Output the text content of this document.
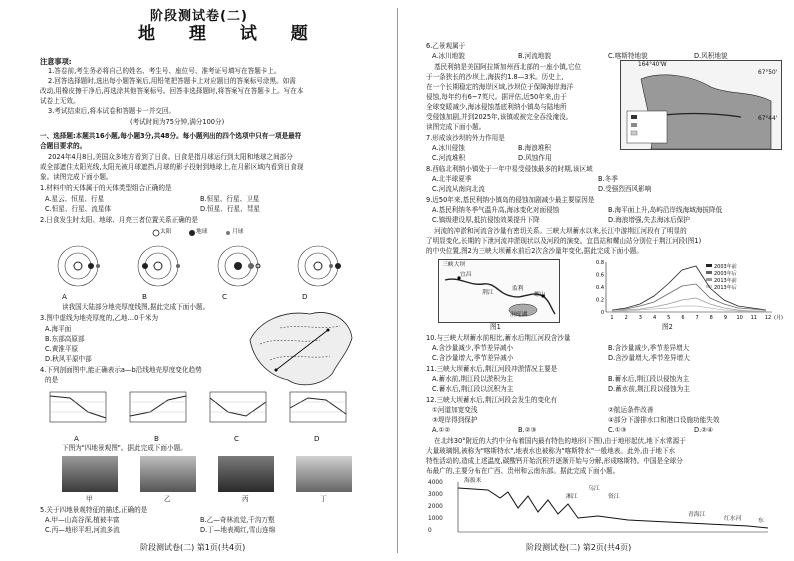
阶段测试卷(二)
地 理 试 题
注意事项:
1.答卷前,考生务必将自己的姓名、考生号、座位号、准考证号填写在答题卡上。
2.回答选择题时,选出每小题答案后,用铅笔把答题卡上对应题目的答案标号涂黑。如需
改动,用橡皮擦干净后,再选涂其他答案标号。回答非选择题时,将答案写在答题卡上。写在本
试卷上无效。
3.考试结束后,将本试卷和答题卡一并交回。
(考试时间为75分钟,满分100分)
一、选择题:本题共16小题,每小题3分,共48分。每小题列出的四个选项中只有一项是最符
合题目要求的。
2024年4月8日,美国众多地方看到了日食。日食是指月球运行到太阳和地球之间部分
或全部遮住太阳光线,太阳光被月球遮挡,月球的影子投射到地球上,在月影区域内看到日食现
象。读图完成下面小题。
1.材料中的天体属于的天体类型组合正确的是
A.星云、恒星、行星	B.恒星、行星、卫星
C.恒星、行星、流星体	D.恒星、行星、彗星
2.日食发生时太阳、地球、月亮三者位置关系正确的是
太阳	地球	月球
A	B	C	D
读我国大陆部分地壳厚度线图,据此完成下面小题。
3.图中虚线为地壳厚度的,乙地…0千米为
A.海平面
B.东部高原部
C.黄淮平原
D.秋风平原中部
4.下列剖面图中,能正确表示a—b沿线地壳厚度变化趋势
的是
A	B	C	D
下图为"四地景观图"。据此完成下面小题。
甲	乙	丙	丁
5.关于四地景观特征的描述,正确的是
A.甲—山高谷深,植被丰富	B.乙—奇林流觉,千沟万壑
C.丙—地形平坦,河流多流	D.丁—地表褐红,雪山连绵
阶段测试卷(二) 第1页(共4页)
6.乙景观属于
A.冰川地貌	B.河流地貌	C.喀斯特地貌	D.风积地貌
基民利纳是美国阿拉斯加州西北部的一座小镇,它位
于一条狭长的沙坝上,海拔约1.8—3米。历史上,
在一个长期稳定的海岸区域,沙坝位于保障海岸海洋
侵蚀,每年约有6~7英尺。据评估,近50年来,由于
全球变暖减少,海冰侵蚀基底利纳小镇岛与陆地所
受侵蚀加剧,并到2025年,该镇或被完全吞没淹没。
读图完成下面小题。
164°40'W
67°50'
67°44'
7.形成该沙坝的外力作用是
A.冰川侵蚀	B.海浪堆积
C.河流堆积	D.风蚀作用
8.西临北利纳小镇处于一年中易受侵蚀最多的时期,该区域
A.北半球夏季	B.冬季
C.河流从南向北流	D.受强烈西风影响
9.近50年来,基民利纳小镇岛的侵蚀加剧减少最主要原因是
A.基民利纳冬季气温升高,海冰变化对面侵蚀	B.海平面上升,岛屿沿岸线海域海拔降低
C.镇级建设厚,抵抗侵蚀效果提升下降	D.海浪增强,失去海冰后保护
河流的冲淤和河流含沙量有密切关系。三峡大坝蓄水以来,长江中游荆江河段有了明显的
了明显变化,长期的下泄河流冲淤现状以及河段的演变。宜昌站和螺山站分别位于荆江河段(图1)
的中央位置,图2为三峡大坝蓄水前后2次含沙量年变化,据此完成下面小题。
三峡大坝
宜昌
荆江
监利
螺山
洞庭湖
图1
0.8
0.6
0.4
0.2
0
1 2 3 4 5 6 7 8 9 10 11 12 (月)
2003年前
2003年后
2013年前
2013年后
图2
10.与三峡大坝蓄水前相比,蓄水后荆江河段含沙量
A.含沙量减少,季节差异减小	B.含沙量减少,季节差异增大
C.含沙量增大,季节差异减小	D.含沙量增大,季节差异增大
11.三峡大坝蓄水后,荆江河段冲淤情况主要是
A.蓄水前,荆江段以淤积为主	B.蓄水后,荆江段以侵蚀为主
C.蓄水后,荆江段以沉积为主	D.蓄水前,荆江段以侵蚀为主
12.三峡大坝蓄水后,荆江河段会发生的变化有
①河道加宽变浅	②航运条件改善
③堤岸得到保护	④部分下游排水口和港口设施功能失效
A.①②	B.②③	C.①③	D.②④
在北纬30°附近的大约中分布着国内最有特色的地形(下图),由于地形起伏,地下水常源于
大量玻璃钢,被称为"喀斯特水",地表水也被称为"喀斯特水"一般地表。此外,由于地下水
特性活动的,造成上述温度,碳酸钙开始沉积并逐渐开始与分解,形成喀斯特。中国是全球分
布最广的,主要分布在广西、贵州和云南东部。据此完成下面小题。
4000
3000
2000
1000
0
海拔米
乌江
湘江	资江
青海江
红水河	东
阶段测试卷(二) 第2页(共4页)
